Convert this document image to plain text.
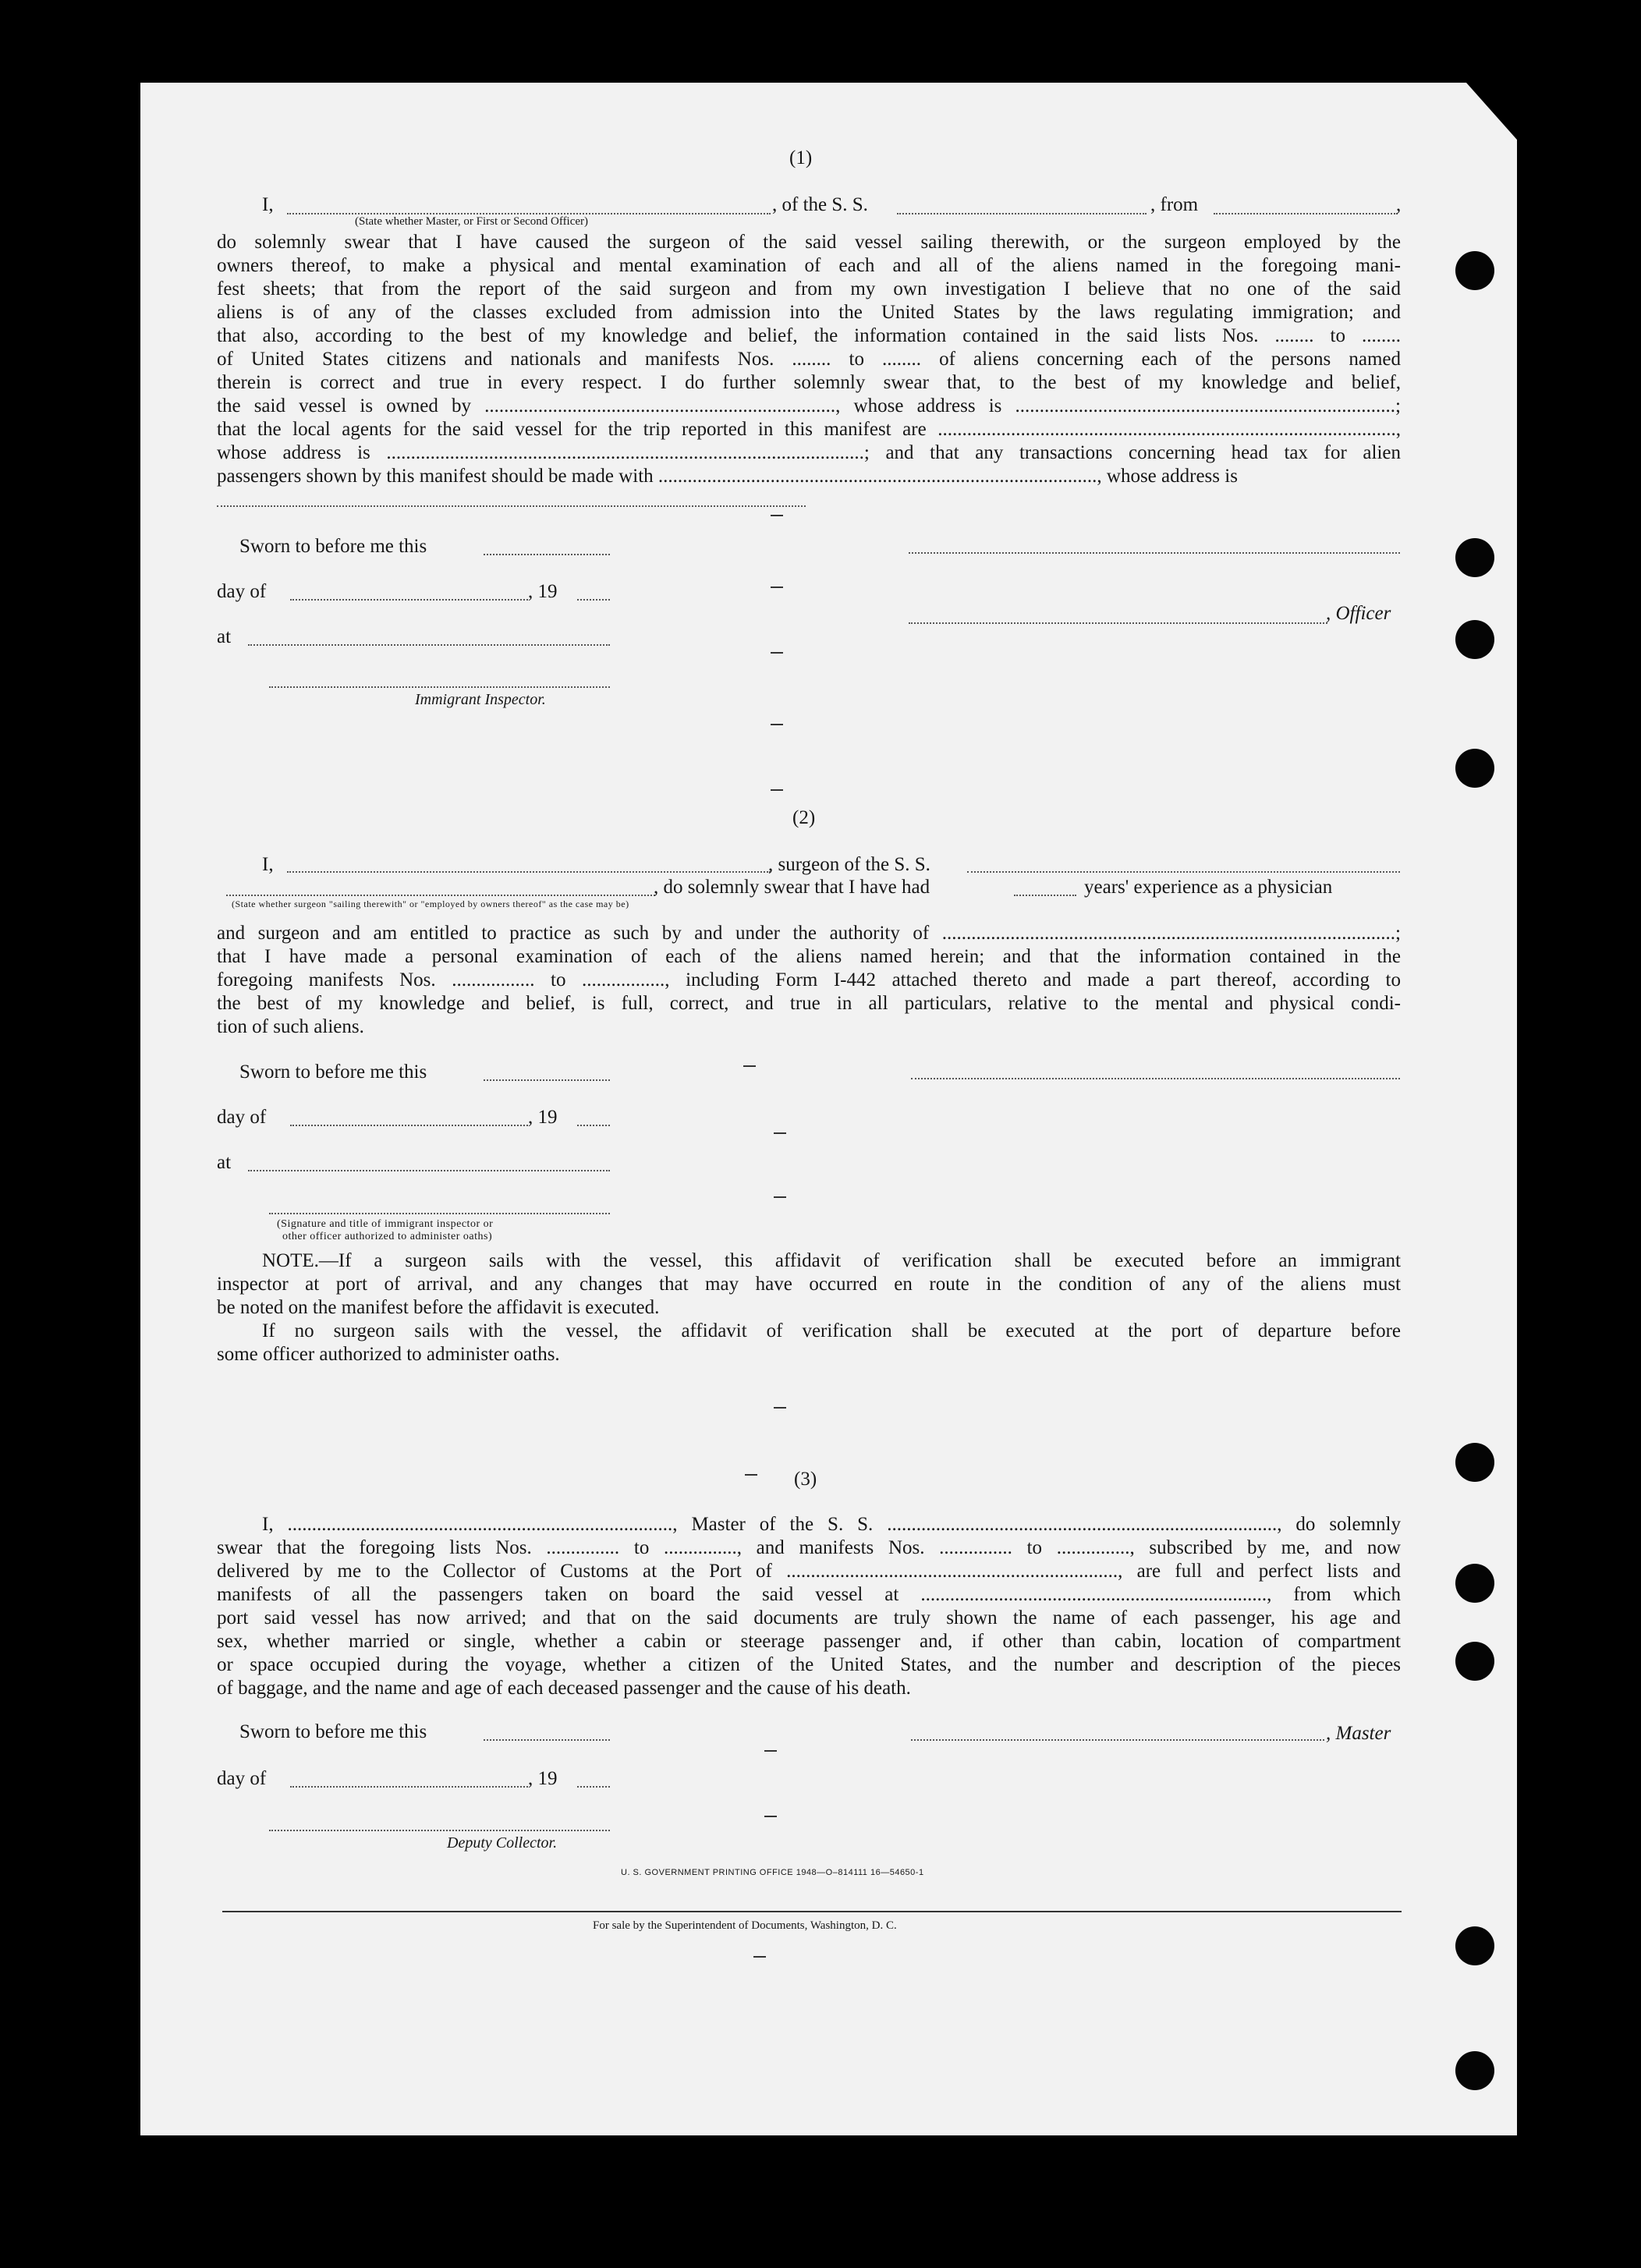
(1)
I,	, of the S. S.	, from	,
(State whether Master, or First or Second Officer)
do solemnly swear that I have caused the surgeon of the said vessel sailing therewith, or the surgeon employed by the
owners thereof, to make a physical and mental examination of each and all of the aliens named in the foregoing mani-
fest sheets; that from the report of the said surgeon and from my own investigation I believe that no one of the said
aliens is of any of the classes excluded from admission into the United States by the laws regulating immigration; and
that also, according to the best of my knowledge and belief, the information contained in the said lists Nos. ........ to ........
of United States citizens and nationals and manifests Nos. ........ to ........ of aliens concerning each of the persons named
therein is correct and true in every respect. I do further solemnly swear that, to the best of my knowledge and belief,
the said vessel is owned by ........................................................................, whose address is ..............................................................................;
that the local agents for the said vessel for the trip reported in this manifest are ..............................................................................................,
whose address is ..................................................................................................; and that any transactions concerning head tax for alien
passengers shown by this manifest should be made with .........................................................................................., whose address is
Sworn to before me this
day of	, 19
, Officer
at
Immigrant Inspector.
(2)
I,	, surgeon of the S. S.
, do solemnly swear that I have had	years' experience as a physician
(State whether surgeon "sailing therewith" or "employed by owners thereof" as the case may be)
and surgeon and am entitled to practice as such by and under the authority of .............................................................................................;
that I have made a personal examination of each of the aliens named herein; and that the information contained in the
foregoing manifests Nos. ................. to ................., including Form I-442 attached thereto and made a part thereof, according to
the best of my knowledge and belief, is full, correct, and true in all particulars, relative to the mental and physical condi-
tion of such aliens.
Sworn to before me this
day of	, 19
at
(Signature and title of immigrant inspector or
other officer authorized to administer oaths)
NOTE.—If a surgeon sails with the vessel, this affidavit of verification shall be executed before an immigrant
inspector at port of arrival, and any changes that may have occurred en route in the condition of any of the aliens must
be noted on the manifest before the affidavit is executed.
If no surgeon sails with the vessel, the affidavit of verification shall be executed at the port of departure before
some officer authorized to administer oaths.
(3)
I, ..............................................................................., Master of the S. S. ................................................................................, do solemnly
swear that the foregoing lists Nos. ............... to ..............., and manifests Nos. ............... to ..............., subscribed by me, and now
delivered by me to the Collector of Customs at the Port of ...................................................................., are full and perfect lists and
manifests of all the passengers taken on board the said vessel at ......................................................................., from which
port said vessel has now arrived; and that on the said documents are truly shown the name of each passenger, his age and
sex, whether married or single, whether a cabin or steerage passenger and, if other than cabin, location of compartment
or space occupied during the voyage, whether a citizen of the United States, and the number and description of the pieces
of baggage, and the name and age of each deceased passenger and the cause of his death.
Sworn to before me this	, Master
day of	, 19
Deputy Collector.
U. S. GOVERNMENT PRINTING OFFICE 1948—O–814111 16—54650-1
For sale by the Superintendent of Documents, Washington, D. C.
